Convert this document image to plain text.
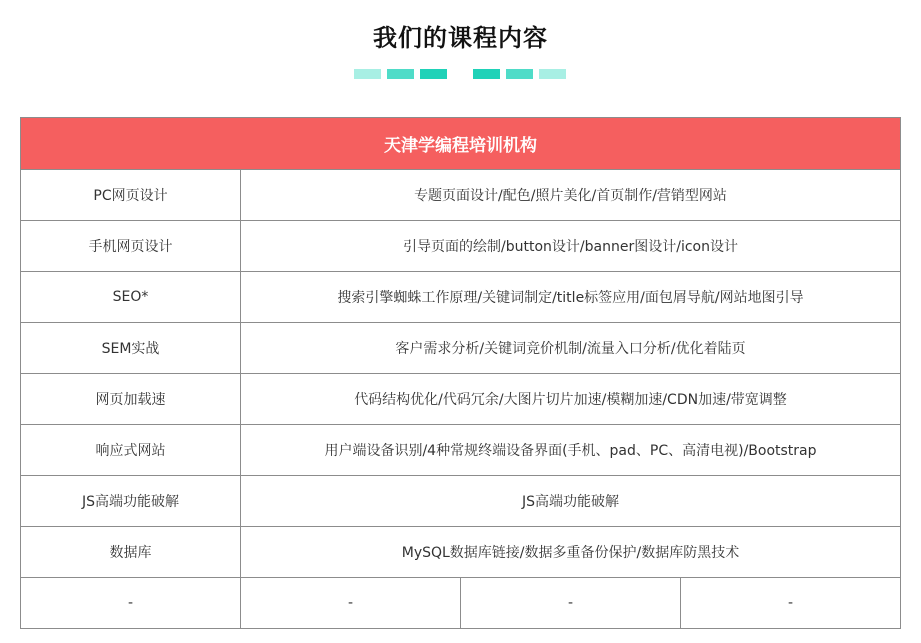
我们的课程内容
天津学编程培训机构			
PC网页设计	专题页面设计/配色/照片美化/首页制作/营销型网站		
手机网页设计	引导页面的绘制/button设计/banner图设计/icon设计		
SEO*	搜索引擎蜘蛛工作原理/关键词制定/title标签应用/面包屑导航/网站地图引导		
SEM实战	客户需求分析/关键词竞价机制/流量入口分析/优化着陆页		
网页加载速	代码结构优化/代码冗余/大图片切片加速/模糊加速/CDN加速/带宽调整		
响应式网站	用户端设备识别/4种常规终端设备界面(手机、pad、PC、高清电视)/Bootstrap		
JS高端功能破解	JS高端功能破解		
数据库	MySQL数据库链接/数据多重备份保护/数据库防黑技术		
-	-	-	-
